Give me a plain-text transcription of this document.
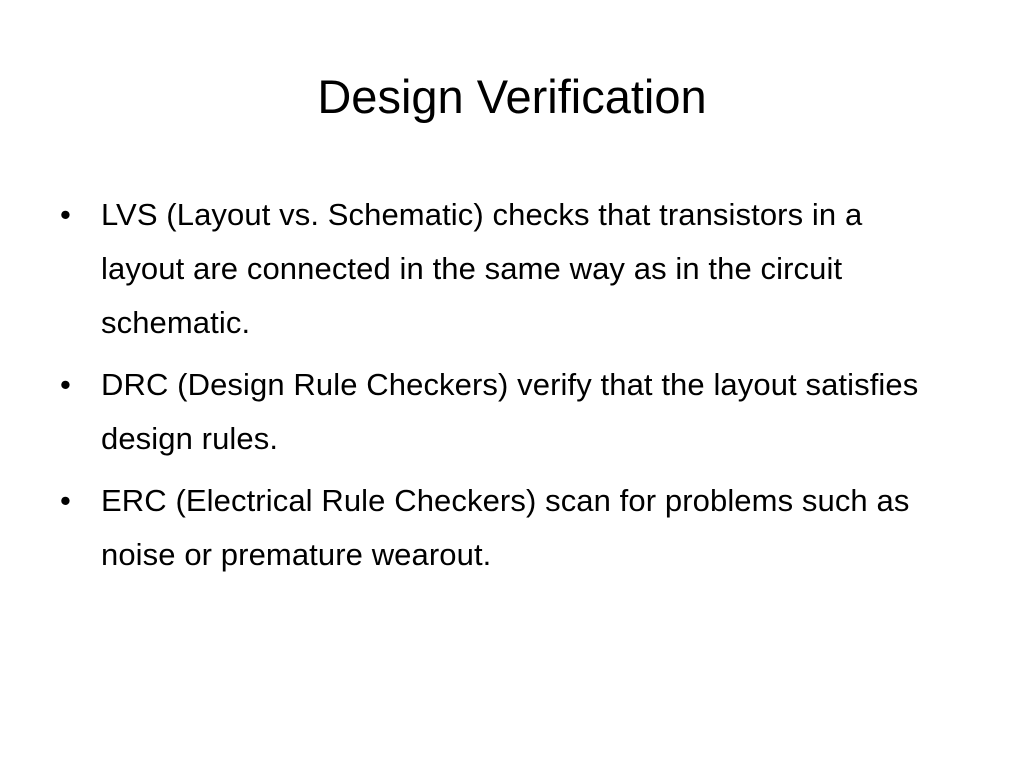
Design Verification
• LVS (Layout vs. Schematic) checks that transistors in a layout are connected in the same way as in the circuit schematic.
• DRC (Design Rule Checkers) verify that the layout satisfies design rules.
• ERC (Electrical Rule Checkers) scan for problems such as noise or premature wearout.
